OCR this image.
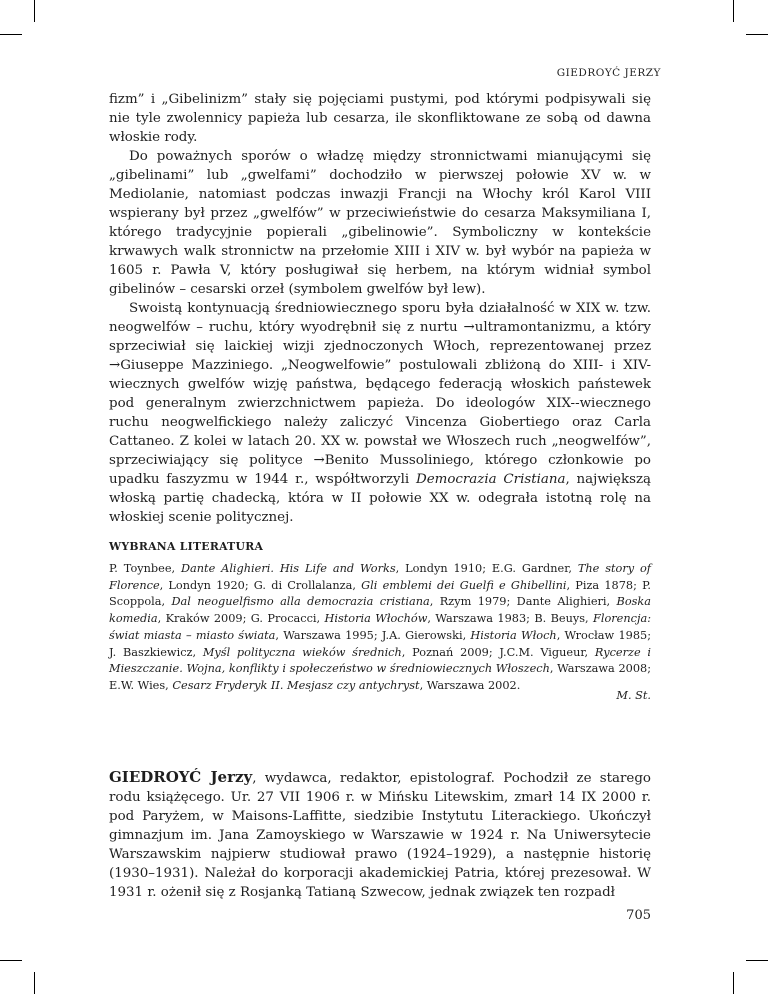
GIEDROYĆ JERZY

fizm” i „Gibelinizm” stały się pojęciami pustymi, pod którymi podpisywali się nie tyle zwolennicy papieża lub cesarza, ile skonfliktowane ze sobą od dawna włoskie rody.

Do poważnych sporów o władzę między stronnictwami mianującymi się „gibelinami” lub „gwelfami” dochodziło w pierwszej połowie XV w. w Mediolanie, natomiast podczas inwazji Francji na Włochy król Karol VIII wspierany był przez „gwelfów” w przeciwieństwie do cesarza Maksymiliana I, którego tradycyjnie popierali „gibelinowie”. Symboliczny w kontekście krwawych walk stronnictw na przełomie XIII i XIV w. był wybór na papieża w 1605 r. Pawła V, który posługiwał się herbem, na którym widniał symbol gibelinów – cesarski orzeł (symbolem gwelfów był lew).

Swoistą kontynuacją średniowiecznego sporu była działalność w XIX w. tzw. neogwelfów – ruchu, który wyodrębnił się z nurtu →ultramontanizmu, a który sprzeciwiał się laickiej wizji zjednoczonych Włoch, reprezentowanej przez →Giuseppe Mazziniego. „Neogwelfowie” postulowali zbliżoną do XIII- i XIV-wiecznych gwelfów wizję państwa, będącego federacją włoskich państewek pod generalnym zwierzchnictwem papieża. Do ideologów XIX--wiecznego ruchu neogwelfickiego należy zaliczyć Vincenza Giobertiego oraz Carla Cattaneo. Z kolei w latach 20. XX w. powstał we Włoszech ruch „neogwelfów”, sprzeciwiający się polityce →Benito Mussoliniego, którego członkowie po upadku faszyzmu w 1944 r., współtworzyli Democrazia Cristiana, największą włoską partię chadecką, która w II połowie XX w. odegrała istotną rolę na włoskiej scenie politycznej.

WYBRANA LITERATURA

P. Toynbee, Dante Alighieri. His Life and Works, Londyn 1910; E.G. Gardner, The story of Florence, Londyn 1920; G. di Crollalanza, Gli emblemi dei Guelfi e Ghibellini, Piza 1878; P. Scoppola, Dal neoguelfismo alla democrazia cristiana, Rzym 1979; Dante Alighieri, Boska komedia, Kraków 2009; G. Procacci, Historia Włochów, Warszawa 1983; B. Beuys, Florencja: świat miasta – miasto świata, Warszawa 1995; J.A. Gierowski, Historia Włoch, Wrocław 1985; J. Baszkiewicz, Myśl polityczna wieków średnich, Poznań 2009; J.C.M. Vigueur, Rycerze i Mieszczanie. Wojna, konflikty i społeczeństwo w średniowiecznych Włoszech, Warszawa 2008; E.W. Wies, Cesarz Fryderyk II. Mesjasz czy antychryst, Warszawa 2002.

M. St.

GIEDROYĆ Jerzy, wydawca, redaktor, epistolograf. Pochodził ze starego rodu książęcego. Ur. 27 VII 1906 r. w Mińsku Litewskim, zmarł 14 IX 2000 r. pod Paryżem, w Maisons-Laffitte, siedzibie Instytutu Literackiego. Ukończył gimnazjum im. Jana Zamoyskiego w Warszawie w 1924 r. Na Uniwersytecie Warszawskim najpierw studiował prawo (1924–1929), a następnie historię (1930–1931). Należał do korporacji akademickiej Patria, której prezesował. W 1931 r. ożenił się z Rosjanką Tatianą Szwecow, jednak związek ten rozpadł

705
